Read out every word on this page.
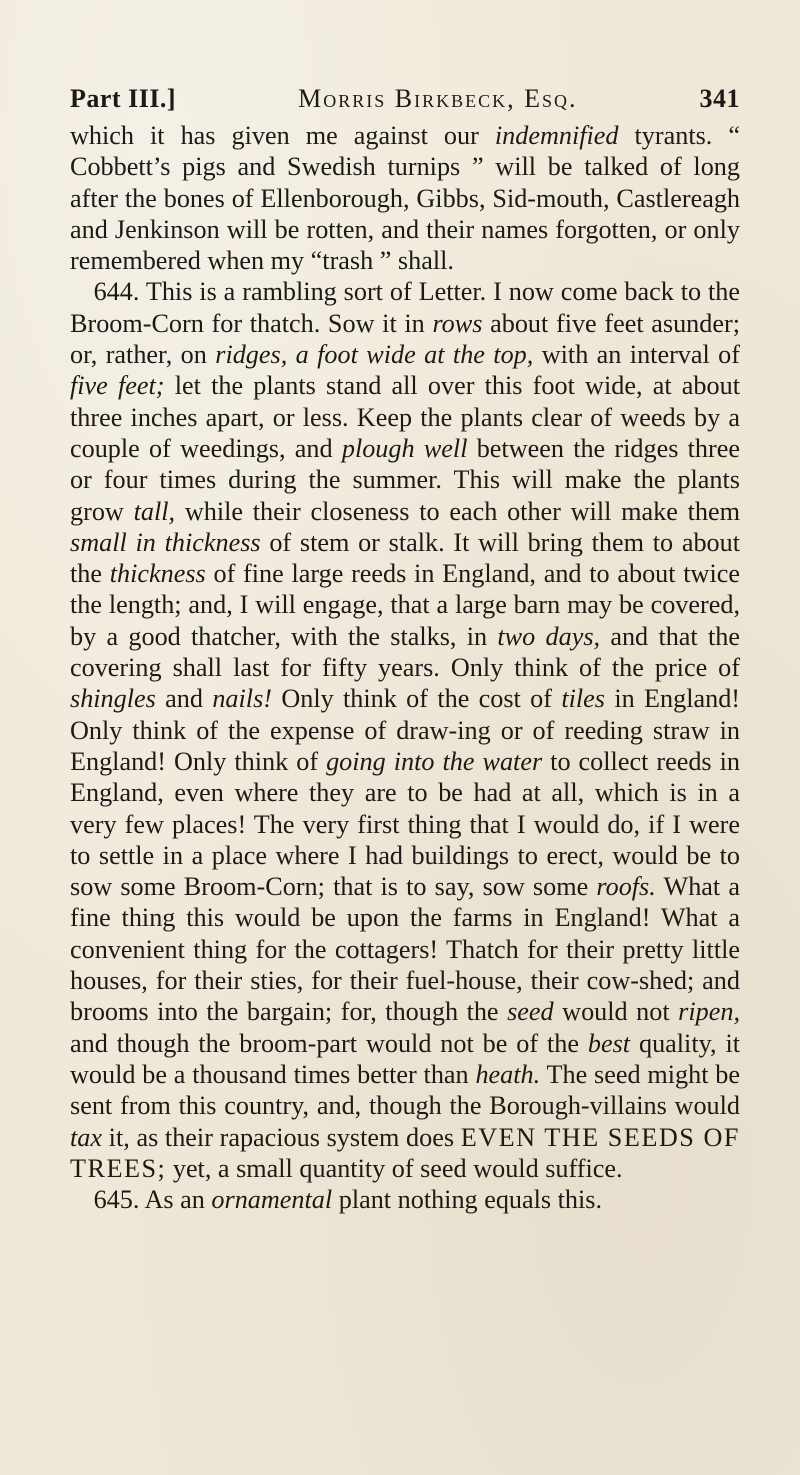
Part III.]	Morris Birkbeck, Esq.	341

which it has given me against our indemnified tyrants. “ Cobbett’s pigs and Swedish turnips ” will be talked of long after the bones of Ellenborough, Gibbs, Sid-mouth, Castlereagh and Jenkinson will be rotten, and their names forgotten, or only remembered when my “trash ” shall.

644. This is a rambling sort of Letter. I now come back to the Broom-Corn for thatch. Sow it in rows about five feet asunder; or, rather, on ridges, a foot wide at the top, with an interval of five feet; let the plants stand all over this foot wide, at about three inches apart, or less. Keep the plants clear of weeds by a couple of weedings, and plough well between the ridges three or four times during the summer. This will make the plants grow tall, while their closeness to each other will make them small in thickness of stem or stalk. It will bring them to about the thickness of fine large reeds in England, and to about twice the length; and, I will engage, that a large barn may be covered, by a good thatcher, with the stalks, in two days, and that the covering shall last for fifty years. Only think of the price of shingles and nails! Only think of the cost of tiles in England! Only think of the expense of draw-ing or of reeding straw in England! Only think of going into the water to collect reeds in England, even where they are to be had at all, which is in a very few places! The very first thing that I would do, if I were to settle in a place where I had buildings to erect, would be to sow some Broom-Corn; that is to say, sow some roofs. What a fine thing this would be upon the farms in England! What a convenient thing for the cottagers! Thatch for their pretty little houses, for their sties, for their fuel-house, their cow-shed; and brooms into the bargain; for, though the seed would not ripen, and though the broom-part would not be of the best quality, it would be a thousand times better than heath. The seed might be sent from this country, and, though the Borough-villains would tax it, as their rapacious system does EVEN THE SEEDS OF TREES; yet, a small quantity of seed would suffice.

645. As an ornamental plant nothing equals this.
